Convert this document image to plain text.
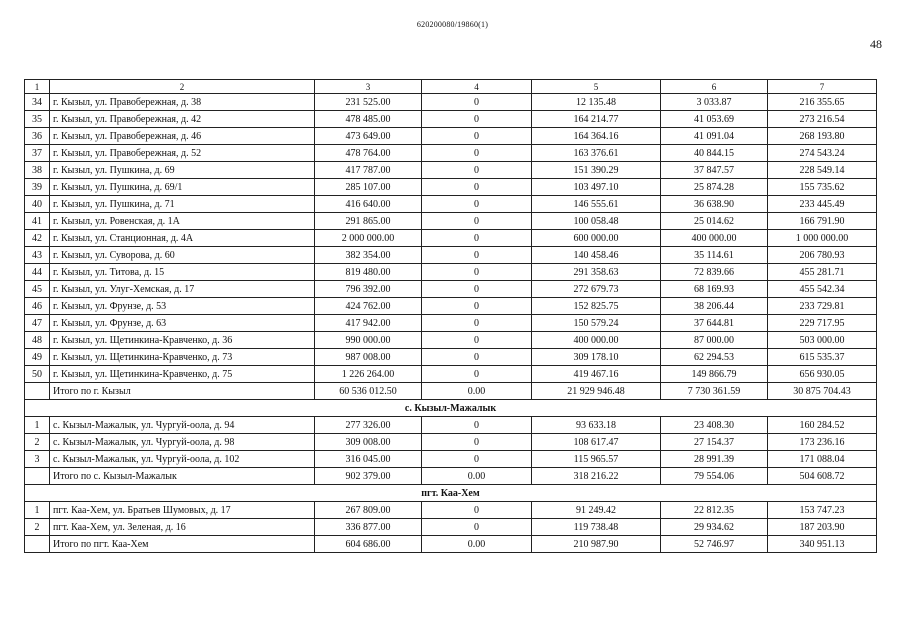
620200080/19860(1)
48
1	2	3	4	5	6	7
34	г. Кызыл, ул. Правобережная, д. 38	231 525.00	0	12 135.48	3 033.87	216 355.65
35	г. Кызыл, ул. Правобережная, д. 42	478 485.00	0	164 214.77	41 053.69	273 216.54
36	г. Кызыл, ул. Правобережная, д. 46	473 649.00	0	164 364.16	41 091.04	268 193.80
37	г. Кызыл, ул. Правобережная, д. 52	478 764.00	0	163 376.61	40 844.15	274 543.24
38	г. Кызыл, ул. Пушкина, д. 69	417 787.00	0	151 390.29	37 847.57	228 549.14
39	г. Кызыл, ул. Пушкина, д. 69/1	285 107.00	0	103 497.10	25 874.28	155 735.62
40	г. Кызыл, ул. Пушкина, д. 71	416 640.00	0	146 555.61	36 638.90	233 445.49
41	г. Кызыл, ул. Ровенская, д. 1А	291 865.00	0	100 058.48	25 014.62	166 791.90
42	г. Кызыл, ул. Станционная, д. 4А	2 000 000.00	0	600 000.00	400 000.00	1 000 000.00
43	г. Кызыл, ул. Суворова, д. 60	382 354.00	0	140 458.46	35 114.61	206 780.93
44	г. Кызыл, ул. Титова, д. 15	819 480.00	0	291 358.63	72 839.66	455 281.71
45	г. Кызыл, ул. Улуг-Хемская, д. 17	796 392.00	0	272 679.73	68 169.93	455 542.34
46	г. Кызыл, ул. Фрунзе, д. 53	424 762.00	0	152 825.75	38 206.44	233 729.81
47	г. Кызыл, ул. Фрунзе, д. 63	417 942.00	0	150 579.24	37 644.81	229 717.95
48	г. Кызыл, ул. Щетинкина-Кравченко, д. 36	990 000.00	0	400 000.00	87 000.00	503 000.00
49	г. Кызыл, ул. Щетинкина-Кравченко, д. 73	987 008.00	0	309 178.10	62 294.53	615 535.37
50	г. Кызыл, ул. Щетинкина-Кравченко, д. 75	1 226 264.00	0	419 467.16	149 866.79	656 930.05
	Итого по г. Кызыл	60 536 012.50	0.00	21 929 946.48	7 730 361.59	30 875 704.43
с. Кызыл-Мажалык						
1	с. Кызыл-Мажалык, ул. Чургуй-оола, д. 94	277 326.00	0	93 633.18	23 408.30	160 284.52
2	с. Кызыл-Мажалык, ул. Чургуй-оола, д. 98	309 008.00	0	108 617.47	27 154.37	173 236.16
3	с. Кызыл-Мажалык, ул. Чургуй-оола, д. 102	316 045.00	0	115 965.57	28 991.39	171 088.04
	Итого по с. Кызыл-Мажалык	902 379.00	0.00	318 216.22	79 554.06	504 608.72
пгт. Каа-Хем						
1	пгт. Каа-Хем, ул. Братьев Шумовых, д. 17	267 809.00	0	91 249.42	22 812.35	153 747.23
2	пгт. Каа-Хем, ул. Зеленая, д. 16	336 877.00	0	119 738.48	29 934.62	187 203.90
	Итого по пгт. Каа-Хем	604 686.00	0.00	210 987.90	52 746.97	340 951.13
